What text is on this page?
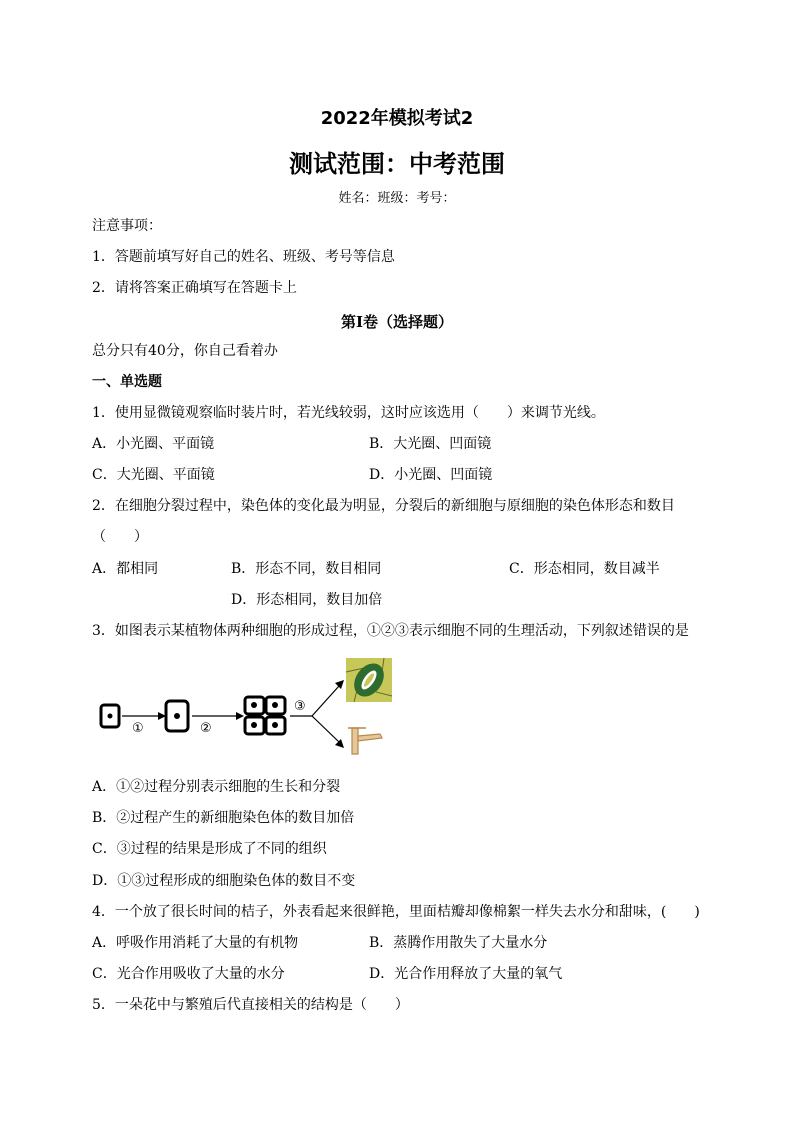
2022年模拟考试2
测试范围：中考范围
姓名：班级：考号：
注意事项：
1．答题前填写好自己的姓名、班级、考号等信息
2．请将答案正确填写在答题卡上
第I卷（选择题）
总分只有40分，你自己看着办
一、单选题
1．使用显微镜观察临时装片时，若光线较弱，这时应该选用（　　）来调节光线。
A．小光圈、平面镜	B．大光圈、凹面镜
C．大光圈、平面镜	D．小光圈、凹面镜
2．在细胞分裂过程中，染色体的变化最为明显，分裂后的新细胞与原细胞的染色体形态和数目
（　　）
A．都相同	B．形态不同，数目相同	C．形态相同，数目减半
D．形态相同，数目加倍
3．如图表示某植物体两种细胞的形成过程，①②③表示细胞不同的生理活动，下列叙述错误的是
①	②
③
A．①②过程分别表示细胞的生长和分裂
B．②过程产生的新细胞染色体的数目加倍
C．③过程的结果是形成了不同的组织
D．①③过程形成的细胞染色体的数目不变
4．一个放了很长时间的桔子，外表看起来很鲜艳，里面桔瓣却像棉絮一样失去水分和甜味，(　　)
A．呼吸作用消耗了大量的有机物	B．蒸腾作用散失了大量水分
C．光合作用吸收了大量的水分	D．光合作用释放了大量的氧气
5．一朵花中与繁殖后代直接相关的结构是（　　）
